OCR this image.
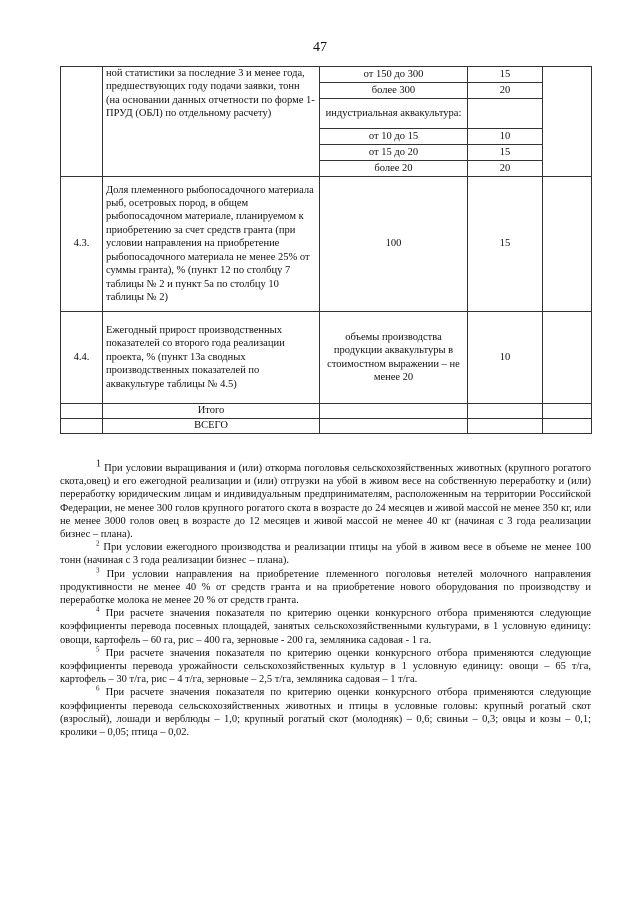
47
	ной статистики за последние 3 и менее года, предшествующих году подачи заявки, тонн (на основании данных отчетности по форме 1-ПРУД (ОБЛ) по отдельному расчету)	от 150 до 300	15	
		более 300	20	
		индустриальная аквакультура:		
		от 10 до 15	10	
		от 15 до 20	15	
		более 20	20	
4.3.	Доля племенного рыбопосадочного материала рыб, осетровых пород, в общем рыбопосадочном материале, планируемом к приобретению за счет средств гранта (при условии направления на приобретение рыбопосадочного материала не менее 25% от суммы гранта), % (пункт 12 по столбцу 7 таблицы № 2 и пункт 5а по столбцу 10 таблицы № 2)	100	15	
4.4.	Ежегодный прирост производственных показателей со второго года реализации проекта, % (пункт 13а сводных производственных показателей по аквакультуре таблицы № 4.5)	объемы производства продукции аквакультуры в стоимостном выражении – не менее 20	10	
	Итого			
	ВСЕГО			

$^1$ При условии выращивания и (или) откорма поголовья сельскохозяйственных животных (крупного рогатого скота,овец) и его ежегодной реализации и (или) отгрузки на убой в живом весе на собственную переработку и (или) переработку юридическим лицам и индивидуальным предпринимателям, расположенным на территории Российской Федерации, не менее 300 голов крупного рогатого скота в возрасте до 24 месяцев и живой массой не менее 350 кг, или не менее 3000 голов овец в возрасте до 12 месяцев и живой массой не менее 40 кг (начиная с 3 года реализации бизнес – плана).

$^2$ При условии ежегодного производства и реализации птицы на убой в живом весе в объеме не менее 100 тонн (начиная с 3 года реализации бизнес – плана).

$^3$ При условии направления на приобретение племенного поголовья нетелей молочного направления продуктивности не менее 40 % от средств гранта и на приобретение нового оборудования по производству и переработке молока не менее 20 % от средств гранта.

$^4$ При расчете значения показателя по критерию оценки конкурсного отбора применяются следующие коэффициенты перевода посевных площадей, занятых сельскохозяйственными культурами, в 1 условную единицу: овощи, картофель – 60 га, рис – 400 га, зерновые - 200 га, земляника садовая - 1 га.

$^5$ При расчете значения показателя по критерию оценки конкурсного отбора применяются следующие коэффициенты перевода урожайности сельскохозяйственных культур в 1 условную единицу: овощи – 65 т/га, картофель – 30 т/га, рис – 4 т/га, зерновые – 2,5 т/га, земляника садовая – 1 т/га.

$^6$ При расчете значения показателя по критерию оценки конкурсного отбора применяются следующие коэффициенты перевода сельскохозяйственных животных и птицы в условные головы: крупный рогатый скот (взрослый), лошади и верблюды – 1,0; крупный рогатый скот (молодняк) – 0,6; свиньи – 0,3; овцы и козы – 0,1; кролики – 0,05; птица – 0,02.
